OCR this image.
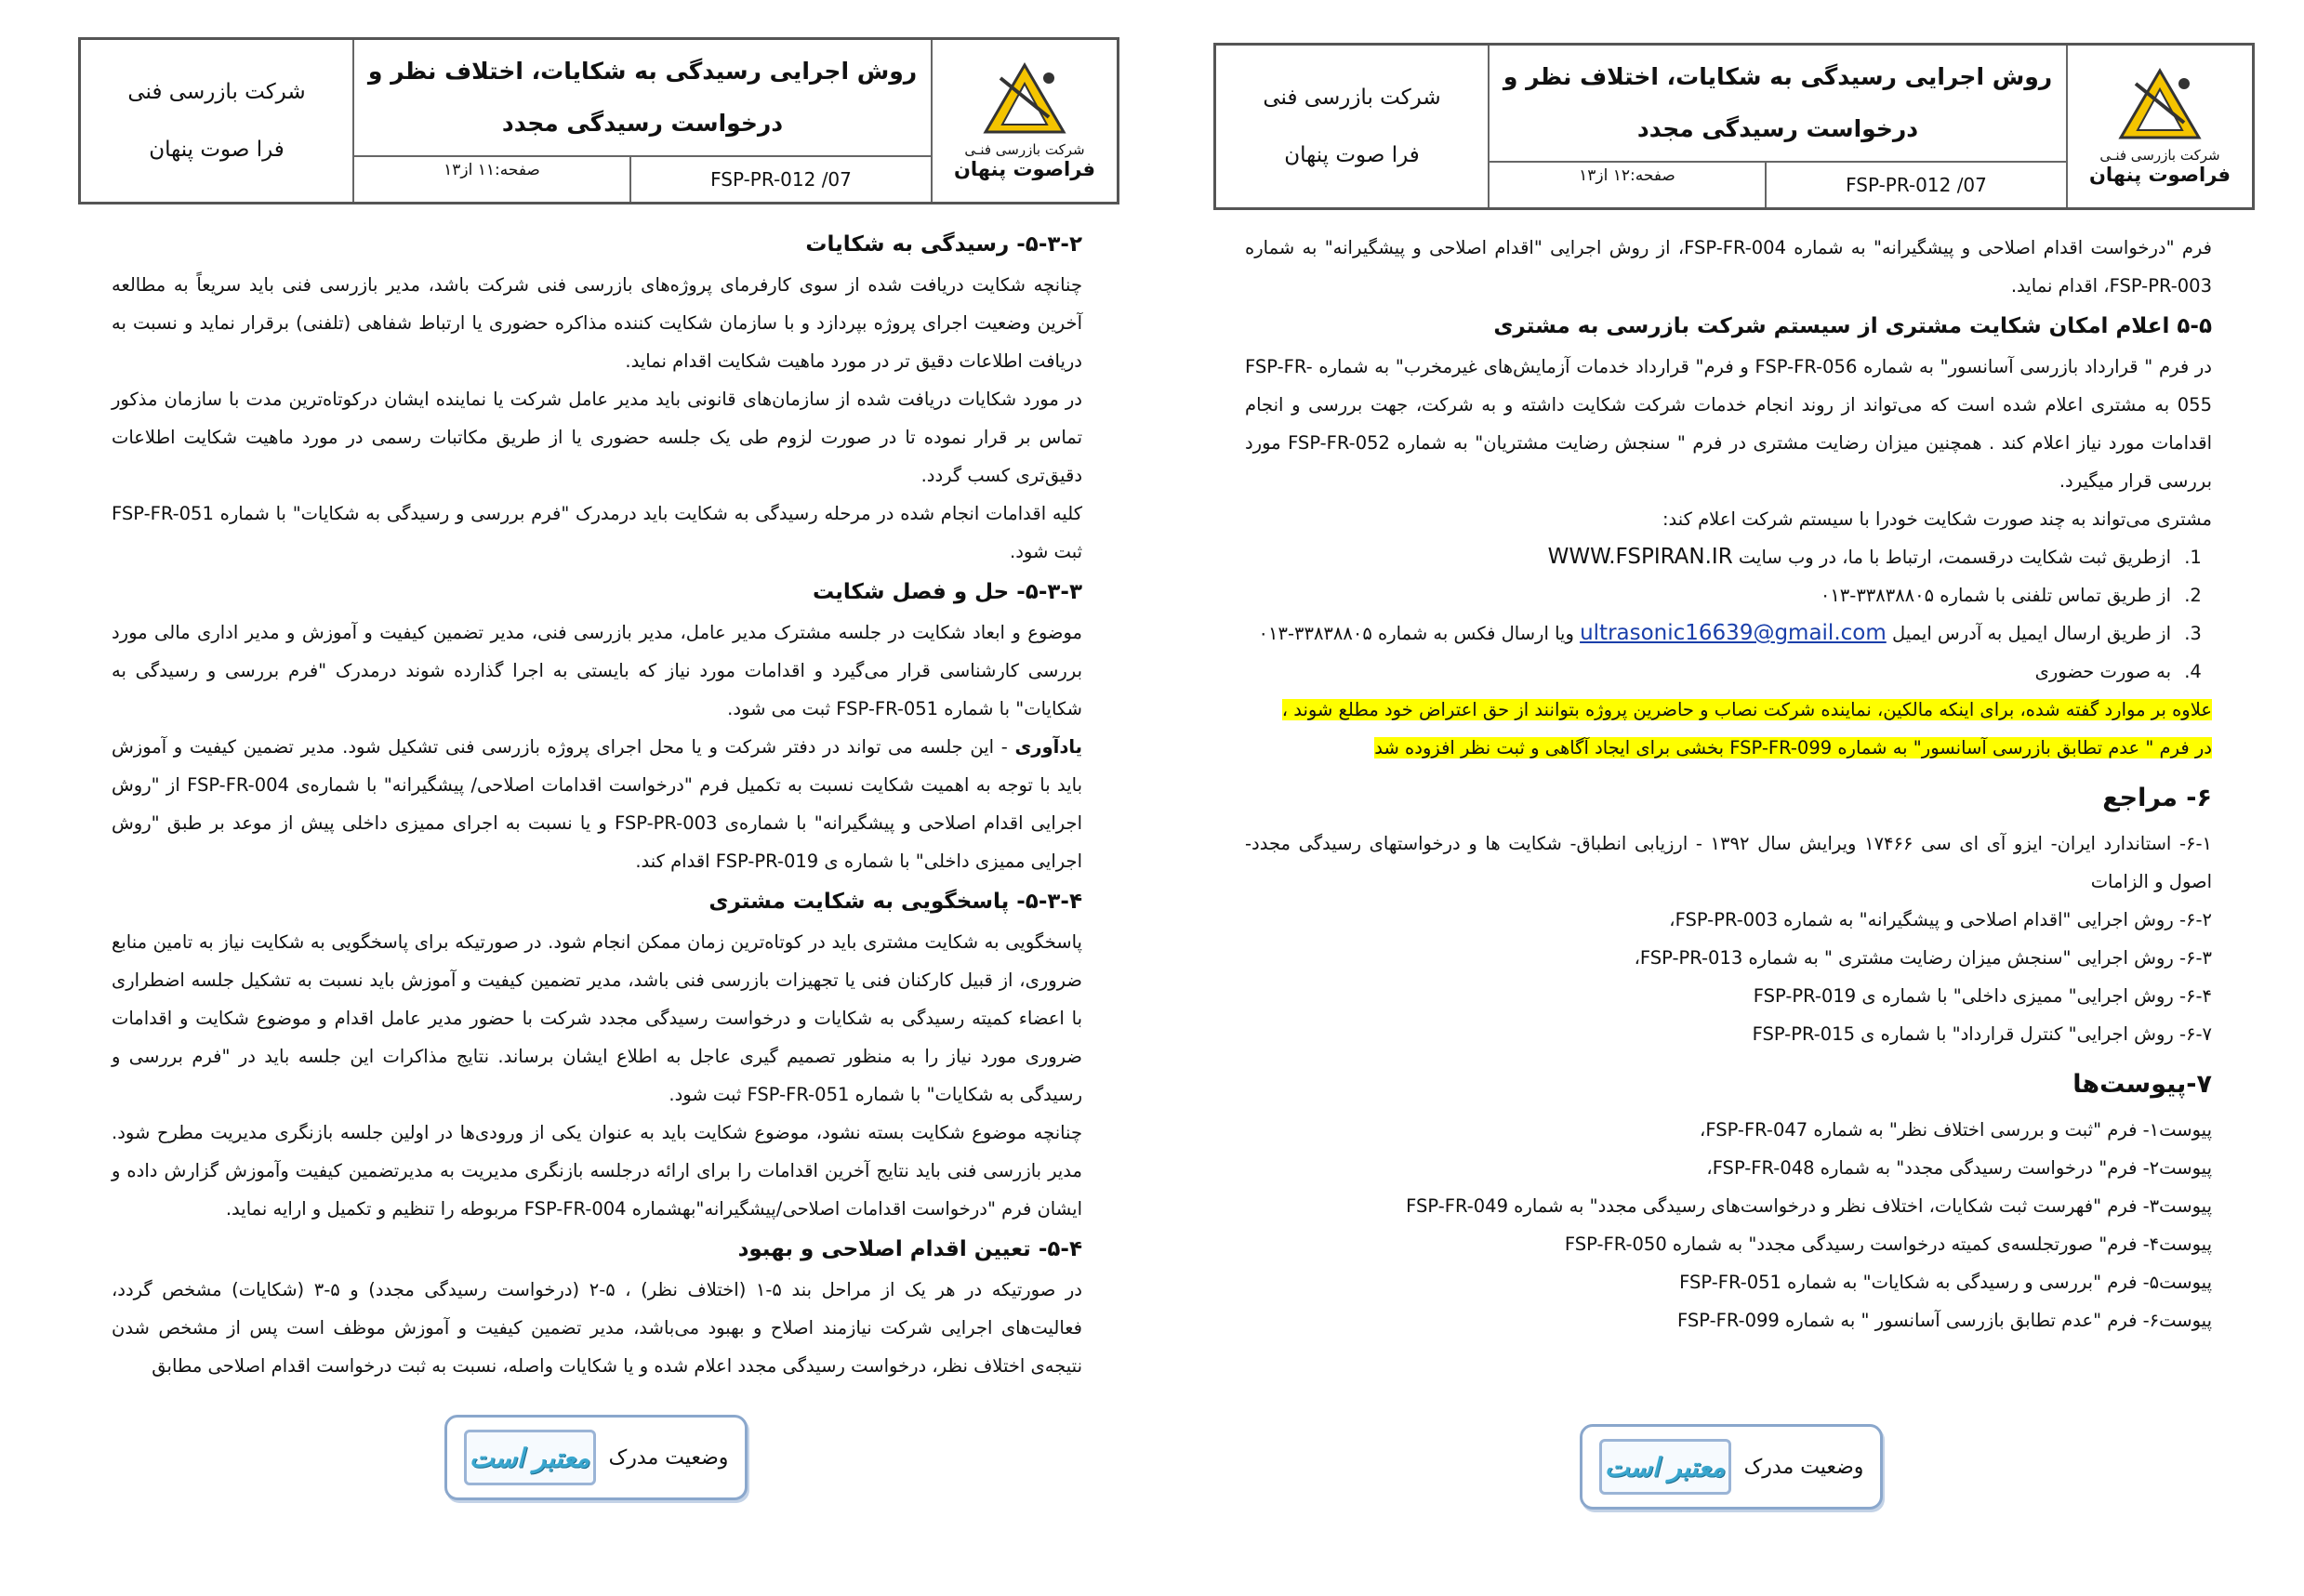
شرکت بازرسی فنـی
فراصوت پنهان
روش اجرایی رسیدگی به شکایات، اختلاف نظر و
درخواست رسیدگی مجدد
FSP-PR-012 /07
صفحه:۱۱ از۱۳
شرکت بازرسی فنی
فرا صوت پنهان
۵-۳-۲- رسیدگی به شکایات

چنانچه شکایت دریافت شده از سوی کارفرمای پروژه‌های بازرسی فنی شرکت باشد، مدیر بازرسی فنی باید سریعاً به مطالعه آخرین وضعیت اجرای پروژه بپردازد و با سازمان شکایت کننده مذاکره حضوری یا ارتباط شفاهی (تلفنی) برقرار نماید و نسبت به دریافت اطلاعات دقیق تر در مورد ماهیت شکایت اقدام نماید.

در مورد شکایات دریافت شده از سازمان‌های قانونی باید مدیر عامل شرکت یا نماینده ایشان درکوتاه‌ترین مدت با سازمان مذکور تماس بر قرار نموده تا در صورت لزوم طی یک جلسه حضوری یا از طریق مکاتبات رسمی در مورد ماهیت شکایت اطلاعات دقیق‌تری کسب گردد.

کلیه اقدامات انجام شده در مرحله رسیدگی به شکایت باید درمدرک "فرم بررسی و رسیدگی به شکایات" با شماره FSP-FR-051 ثبت شود.

۵-۳-۳- حل و فصل شکایت

موضوع و ابعاد شکایت در جلسه مشترک مدیر عامل، مدیر بازرسی فنی، مدیر تضمین کیفیت و آموزش و مدیر اداری مالی مورد بررسی کارشناسی قرار می‌گیرد و اقدامات مورد نیاز که بایستی به اجرا گذارده شوند درمدرک "فرم بررسی و رسیدگی به شکایات" با شماره FSP-FR-051 ثبت می شود.

یادآوری - این جلسه می تواند در دفتر شرکت و یا محل اجرای پروژه بازرسی فنی تشکیل شود. مدیر تضمین کیفیت و آموزش باید با توجه به اهمیت شکایت نسبت به تکمیل فرم "درخواست اقدامات اصلاحی/ پیشگیرانه" با شماره‌ی FSP-FR-004 از "روش اجرایی اقدام اصلاحی و پیشگیرانه" با شماره‌ی FSP-PR-003 و یا نسبت به اجرای ممیزی داخلی پیش از موعد بر طبق "روش اجرایی ممیزی داخلی" با شماره ی FSP-PR-019 اقدام کند.

۵-۳-۴- پاسخگویی به شکایت مشتری

پاسخگویی به شکایت مشتری باید در کوتاه‌ترین زمان ممکن انجام شود. در صورتیکه برای پاسخگویی به شکایت نیاز به تامین منابع ضروری، از قبیل کارکنان فنی یا تجهیزات بازرسی فنی باشد، مدیر تضمین کیفیت و آموزش باید نسبت به تشکیل جلسه اضطراری با اعضاء کمیته رسیدگی به شکایات و درخواست رسیدگی مجدد شرکت با حضور مدیر عامل اقدام و موضوع شکایت و اقدامات ضروری مورد نیاز را به منظور تصمیم گیری عاجل به اطلاع ایشان برساند. نتایج مذاکرات این جلسه باید در "فرم بررسی و رسیدگی به شکایات" با شماره FSP-FR-051 ثبت شود.

چنانچه موضوع شکایت بسته نشود، موضوع شکایت باید به عنوان یکی از ورودی‌ها در اولین جلسه بازنگری مدیریت مطرح شود. مدیر بازرسی فنی باید نتایج آخرین اقدامات را برای ارائه درجلسه بازنگری مدیریت به مدیرتضمین کیفیت وآموزش گزارش داده و ایشان فرم "درخواست اقدامات اصلاحی/پیشگیرانه"بهشماره FSP-FR-004 مربوطه را تنظیم و تکمیل و ارایه نماید.

۵-۴- تعیین اقدام اصلاحی و بهبود

در صورتیکه در هر یک از مراحل بند ۵-۱ (اختلاف نظر) ، ۵-۲ (درخواست رسیدگی مجدد) و ۵-۳ (شکایات) مشخص گردد، فعالیت‌های اجرایی شرکت نیازمند اصلاح و بهبود می‌باشد، مدیر تضمین کیفیت و آموزش موظف است پس از مشخص شدن نتیجه‌ی اختلاف نظر، درخواست رسیدگی مجدد اعلام شده و یا شکایات واصله، نسبت به ثبت درخواست اقدام اصلاحی مطابق

وضعیت مدرک
معتبر است
شرکت بازرسی فنـی
فراصوت پنهان
روش اجرایی رسیدگی به شکایات، اختلاف نظر و
درخواست رسیدگی مجدد
FSP-PR-012 /07
صفحه:۱۲ از۱۳
شرکت بازرسی فنی
فرا صوت پنهان

فرم "درخواست اقدام اصلاحی و پیشگیرانه" به شماره FSP-FR-004، از روش اجرایی "اقدام اصلاحی و پیشگیرانه" به شماره FSP-PR-003، اقدام نماید.

۵-۵ اعلام امکان شکایت مشتری از سیستم شرکت بازرسی به مشتری

در فرم " قرارداد بازرسی آسانسور" به شماره FSP-FR-056 و فرم" قرارداد خدمات آزمایش‌های غیرمخرب" به شماره FSP-FR-055 به مشتری اعلام شده است که می‌تواند از روند انجام خدمات شرکت شکایت داشته و به شرکت، جهت بررسی و انجام اقدامات مورد نیاز اعلام کند . همچنین میزان رضایت مشتری در فرم " سنجش رضایت مشتریان" به شماره FSP-FR-052 مورد بررسی قرار میگیرد.

مشتری می‌تواند به چند صورت شکایت خودرا با سیستم شرکت اعلام کند:

1. ازطریق ثبت شکایت درقسمت، ارتباط با ما، در وب سایت WWW.FSPIRAN.IR
2. از طریق تماس تلفنی با شماره ۳۳۸۳۸۸۰۵-۰۱۳
3. از طریق ارسال ایمیل به آدرس ایمیل ultrasonic16639@gmail.com ویا ارسال فکس به شماره ۳۳۸۳۸۸۰۵-۰۱۳
4. به صورت حضوری

علاوه بر موارد گفته شده، برای اینکه مالکین، نماینده شرکت نصاب و حاضرین پروژه بتوانند از حق اعتراض خود مطلع شوند ،
در فرم " عدم تطابق بازرسی آسانسور" به شماره FSP-FR-099 بخشی برای ایجاد آگاهی و ثبت نظر افزوده شد

۶- مراجع

۶-۱- استاندارد ایران- ایزو آی ای سی ۱۷۴۶۶ ویرایش سال ۱۳۹۲ - ارزیابی انطباق- شکایت ها و درخواستهای رسیدگی مجدد- اصول و الزامات

۶-۲- روش اجرایی "اقدام اصلاحی و پیشگیرانه" به شماره FSP-PR-003،

۶-۳- روش اجرایی "سنجش میزان رضایت مشتری " به شماره FSP-PR-013،

۶-۴- روش اجرایی" ممیزی داخلی" با شماره ی FSP-PR-019

۶-۷- روش اجرایی" کنترل قرارداد" با شماره ی FSP-PR-015

۷-پیوست‌ها

پیوست۱- فرم "ثبت و بررسی اختلاف نظر" به شماره FSP-FR-047،

پیوست۲- فرم" درخواست رسیدگی مجدد" به شماره FSP-FR-048،

پیوست۳- فرم "فهرست ثبت شکایات، اختلاف نظر و درخواست‌های رسیدگی مجدد" به شماره FSP-FR-049

پیوست۴- فرم" صورتجلسه‌ی کمیته درخواست رسیدگی مجدد" به شماره FSP-FR-050

پیوست۵- فرم "بررسی و رسیدگی به شکایات" به شماره FSP-FR-051

پیوست۶- فرم "عدم تطابق بازرسی آسانسور " به شماره FSP-FR-099

وضعیت مدرک
معتبر است
